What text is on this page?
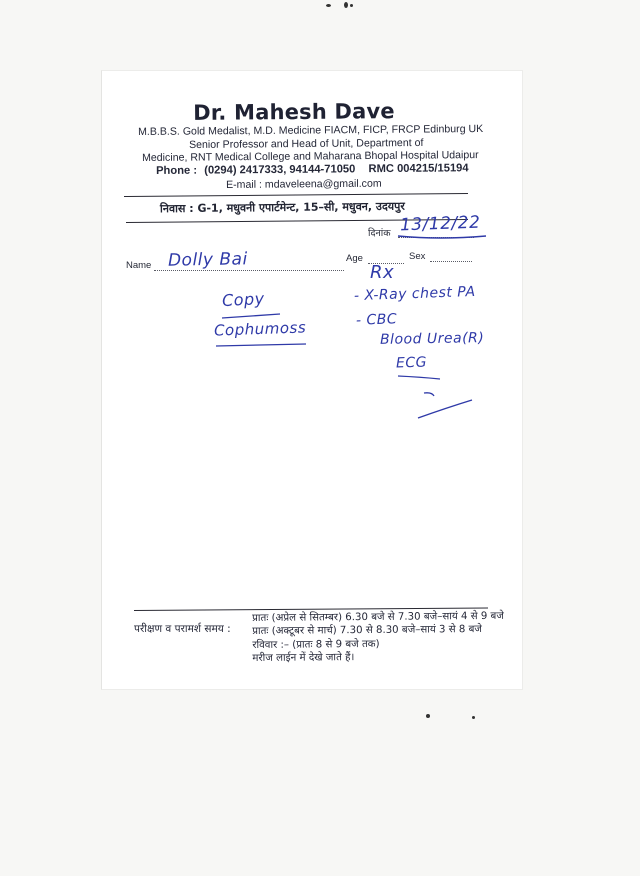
Dr. Mahesh Dave
M.B.B.S. Gold Medalist, M.D. Medicine FIACM, FICP, FRCP Edinburg UK
Senior Professor and Head of Unit, Department of
Medicine, RNT Medical College and Maharana Bhopal Hospital Udaipur
Phone : (0294) 2417333, 94144-71050 RMC 004215/15194
E-mail : mdaveleena@gmail.com
निवास : G-1, मधुवनी एपार्टमेन्ट, 15–सी, मधुवन, उदयपुर
दिनांक 13/12/22
Name Dolly Bai	Age	Sex
Rx
Copy
Cophumoss
- X-Ray chest PA
- CBC
Blood Urea(R)
ECG
परीक्षण व परामर्श समय :
प्रातः (अप्रेल से सितम्बर) 6.30 बजे से 7.30 बजे–सायं 4 से 9 बजे
प्रातः (अक्टूबर से मार्च) 7.30 से 8.30 बजे–सायं 3 से 8 बजे
रविवार :– (प्रातः 8 से 9 बजे तक)
मरीज लाईन में देखे जाते हैं।
